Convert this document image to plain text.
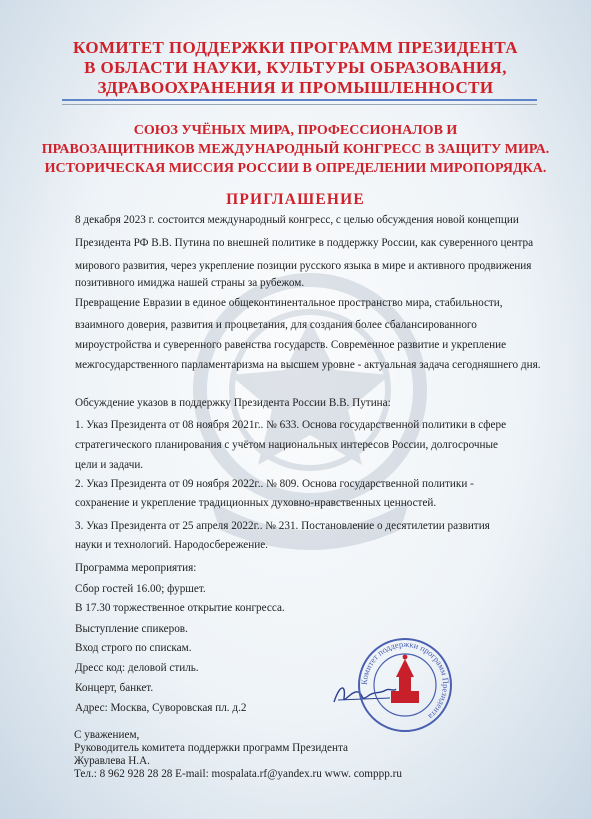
КОМИТЕТ ПОДДЕРЖКИ ПРОГРАММ ПРЕЗИДЕНТА
В ОБЛАСТИ НАУКИ, КУЛЬТУРЫ ОБРАЗОВАНИЯ,
ЗДРАВООХРАНЕНИЯ И ПРОМЫШЛЕННОСТИ
СОЮЗ УЧЁНЫХ МИРА, ПРОФЕССИОНАЛОВ И
ПРАВОЗАЩИТНИКОВ МЕЖДУНАРОДНЫЙ КОНГРЕСС В ЗАЩИТУ МИРА.
ИСТОРИЧЕСКАЯ МИССИЯ РОССИИ В ОПРЕДЕЛЕНИИ МИРОПОРЯДКА.
ПРИГЛАШЕНИЕ
8 декабря 2023 г. состоится международный конгресс, с целью обсуждения новой концепции
Президента РФ В.В. Путина по внешней политике в поддержку России, как суверенного центра
мирового развития, через укрепление позиции русского языка в мире и активного продвижения
позитивного имиджа нашей страны за рубежом.
Превращение Евразии в единое общеконтинентальное пространство мира, стабильности,
взаимного доверия, развития и процветания, для создания более сбалансированного
мироустройства и суверенного равенства государств. Современное развитие и укрепление
межгосударственного парламентаризма на высшем уровне - актуальная задача сегодняшнего дня.
Обсуждение указов в поддержку Президента России В.В. Путина:
1. Указ Президента от 08 ноября 2021г.. № 633. Основа государственной политики в сфере
стратегического планирования с учётом национальных интересов России, долгосрочные
цели и задачи.
2. Указ Президента от 09 ноября 2022г.. № 809. Основа государственной политики -
сохранение и укрепление традиционных духовно-нравственных ценностей.
3. Указ Президента от 25 апреля 2022г.. № 231. Постановление о десятилетии развития
науки и технологий. Народосбережение.
Программа мероприятия:
Сбор гостей 16.00; фуршет.
В 17.30 торжественное открытие конгресса.
Выступление спикеров.
Вход строго по спискам.
Дресс код: деловой стиль.
Концерт, банкет.
Адрес: Москва, Суворовская пл. д.2
С уважением,
Руководитель комитета поддержки программ Президента
Журавлева Н.А.
Тел.: 8 962 928 28 28 E-mail: mospalata.rf@yandex.ru www. comppp.ru
Комитет поддержки программ Президента
